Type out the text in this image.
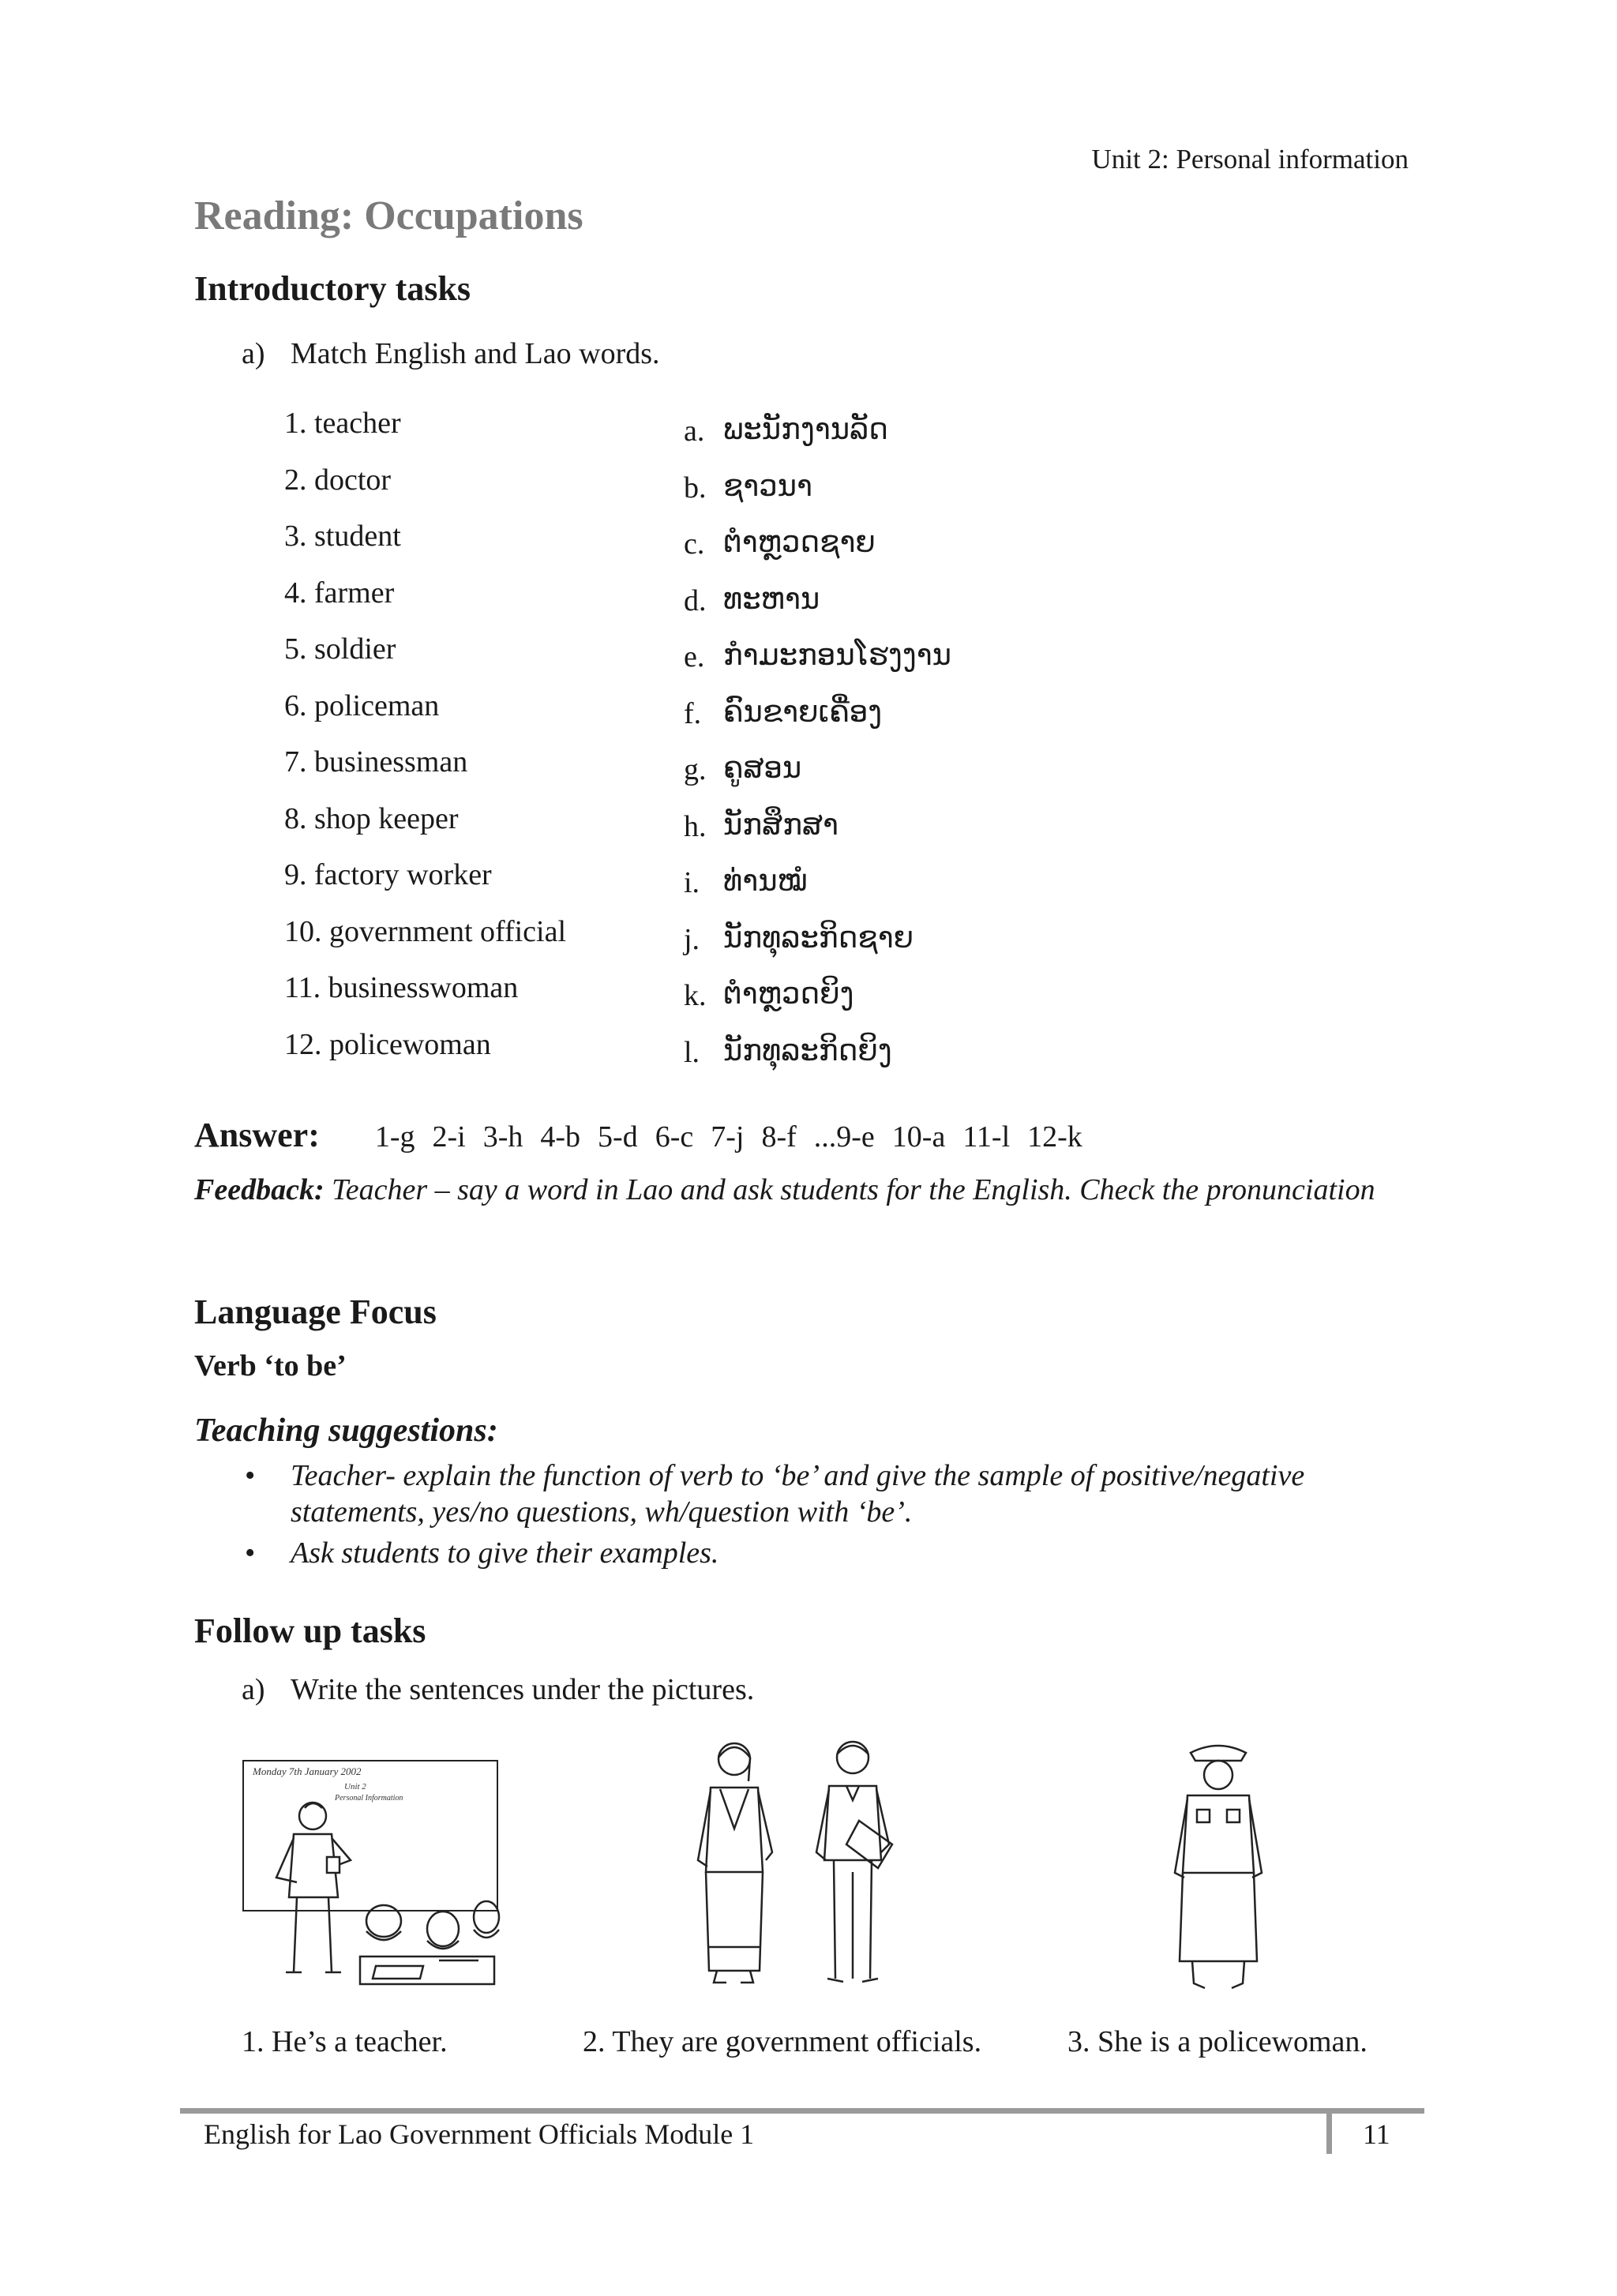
Unit 2: Personal information
Reading: Occupations
Introductory tasks
a) Match English and Lao words.
1. teacher	a. ພະນັກງານລັດ
2. doctor	b. ຊາວນາ
3. student	c. ຕຳຫຼວດຊາຍ
4. farmer	d. ທະຫານ
5. soldier	e. ກຳມະກອນໂຮງງານ
6. policeman	f. ຄົນຂາຍເຄື່ອງ
7. businessman	g. ຄູສອນ
8. shop keeper	h. ນັກສຶກສາ
9. factory worker	i. ທ່ານໝໍ
10. government official	j. ນັກທຸລະກິດຊາຍ
11. businesswoman	k. ຕຳຫຼວດຍິງ
12. policewoman	l. ນັກທຸລະກິດຍິງ
Answer: 1-g 2-i 3-h 4-b 5-d 6-c 7-j 8-f ...9-e 10-a 11-l 12-k
Feedback: Teacher – say a word in Lao and ask students for the English. Check the pronunciation
Language Focus
Verb ‘to be’
Teaching suggestions:
• Teacher- explain the function of verb to ‘be’ and give the sample of positive/negative statements, yes/no questions, wh/question with ‘be’.
• Ask students to give their examples.
Follow up tasks
a) Write the sentences under the pictures.
Monday 7th January 2002
Unit 2
Personal Information
1. He’s a teacher.	2. They are government officials.	3. She is a policewoman.
English for Lao Government Officials Module 1	11
